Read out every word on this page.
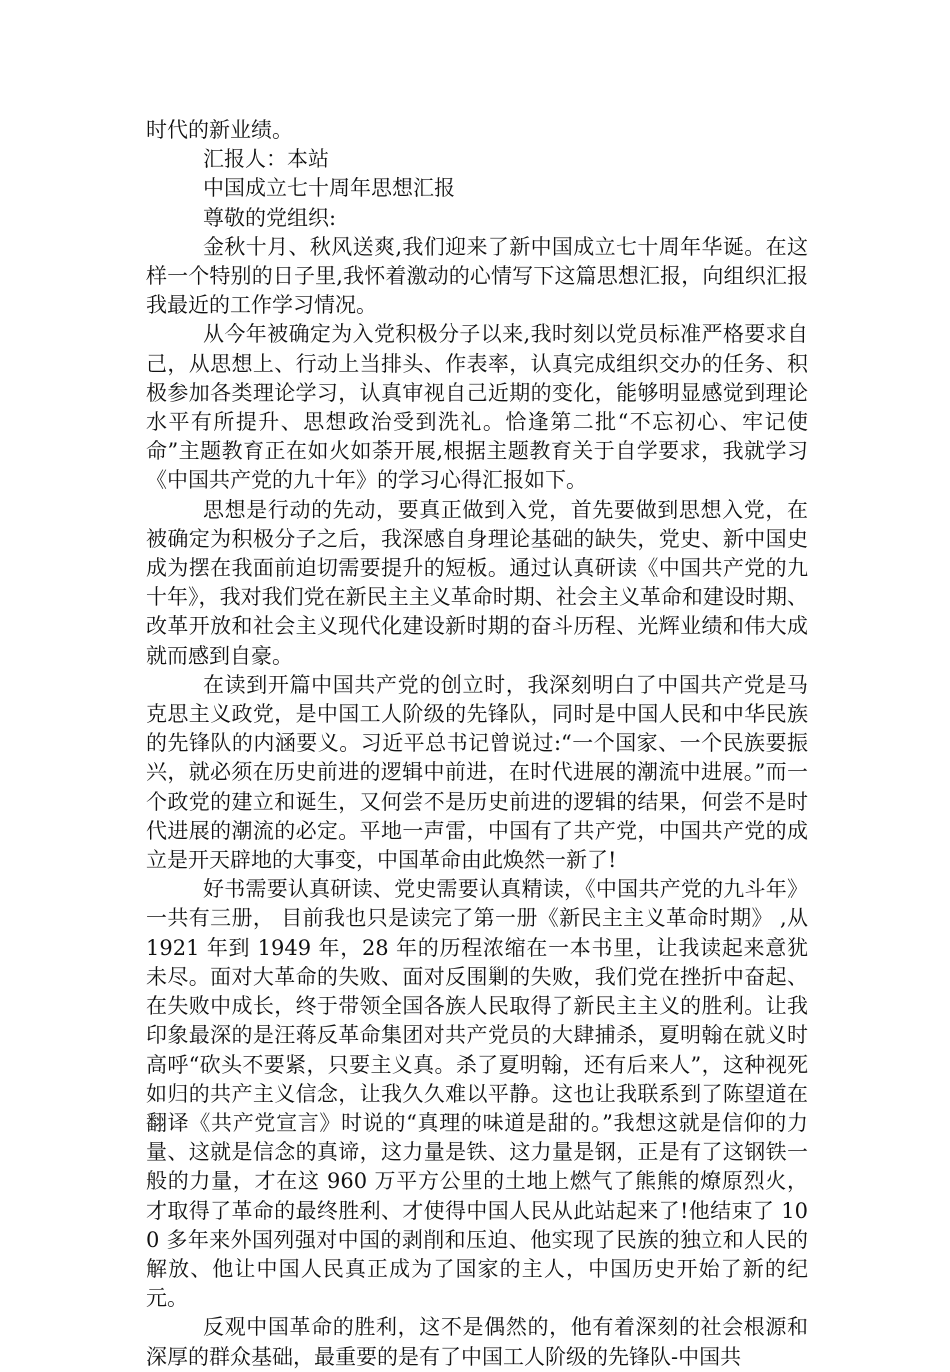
时代的新业绩。

汇报人：本站

中国成立七十周年思想汇报

尊敬的党组织:

金秋十月、秋风送爽,我们迎来了新中国成立七十周年华诞。在这样一个特别的日子里,我怀着激动的心情写下这篇思想汇报，向组织汇报我最近的工作学习情况。

从今年被确定为入党积极分子以来,我时刻以党员标准严格要求自己，从思想上、行动上当排头、作表率，认真完成组织交办的任务、积极参加各类理论学习，认真审视自己近期的变化，能够明显感觉到理论水平有所提升、思想政治受到洗礼。恰逢第二批“不忘初心、牢记使命”主题教育正在如火如荼开展,根据主题教育关于自学要求，我就学习《中国共产党的九十年》的学习心得汇报如下。

思想是行动的先动，要真正做到入党，首先要做到思想入党，在被确定为积极分子之后，我深感自身理论基础的缺失，党史、新中国史成为摆在我面前迫切需要提升的短板。通过认真研读《中国共产党的九十年》，我对我们党在新民主主义革命时期、社会主义革命和建设时期、改革开放和社会主义现代化建设新时期的奋斗历程、光辉业绩和伟大成就而感到自豪。

在读到开篇中国共产党的创立时，我深刻明白了中国共产党是马克思主义政党，是中国工人阶级的先锋队，同时是中国人民和中华民族的先锋队的内涵要义。习近平总书记曾说过:“一个国家、一个民族要振兴，就必须在历史前进的逻辑中前进，在时代进展的潮流中进展。”而一个政党的建立和诞生，又何尝不是历史前进的逻辑的结果，何尝不是时代进展的潮流的必定。平地一声雷，中国有了共产党，中国共产党的成立是开天辟地的大事变，中国革命由此焕然一新了!

好书需要认真研读、党史需要认真精读，《中国共产党的九斗年》一共有三册， 目前我也只是读完了第一册《新民主主义革命时期》 ,从 1921 年到 1949 年，28 年的历程浓缩在一本书里，让我读起来意犹未尽。面对大革命的失败、面对反围剿的失败，我们党在挫折中奋起、在失败中成长，终于带领全国各族人民取得了新民主主义的胜利。让我印象最深的是汪蒋反革命集团对共产党员的大肆捕杀，夏明翰在就义时高呼“砍头不要紧，只要主义真。杀了夏明翰，还有后来人”，这种视死如归的共产主义信念，让我久久难以平静。这也让我联系到了陈望道在翻译《共产党宣言》时说的“真理的味道是甜的。”我想这就是信仰的力量、这就是信念的真谛，这力量是铁、这力量是钢，正是有了这钢铁一般的力量，才在这 960 万平方公里的土地上燃气了熊熊的燎原烈火，才取得了革命的最终胜利、才使得中国人民从此站起来了!他结束了 100 多年来外国列强对中国的剥削和压迫、他实现了民族的独立和人民的解放、他让中国人民真正成为了国家的主人，中国历史开始了新的纪元。

反观中国革命的胜利，这不是偶然的，他有着深刻的社会根源和深厚的群众基础，最重要的是有了中国工人阶级的先锋队-中国共
